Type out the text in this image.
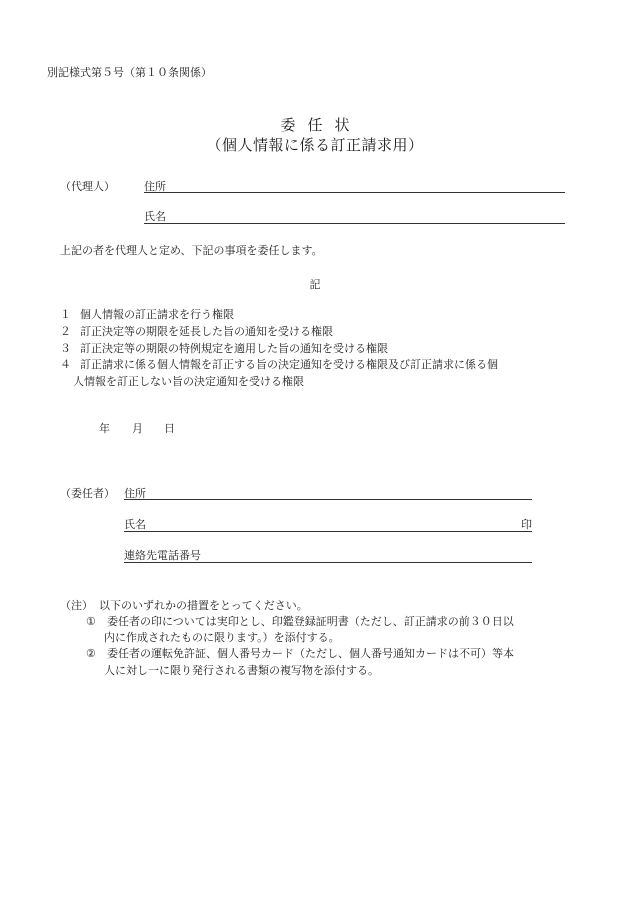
別記様式第５号（第１０条関係）
委任状
（個人情報に係る訂正請求用）
（代理人）	住所
氏名
上記の者を代理人と定め、下記の事項を委任します。
記
１ 個人情報の訂正請求を行う権限
２ 訂正決定等の期限を延長した旨の通知を受ける権限
３ 訂正決定等の期限の特例規定を適用した旨の通知を受ける権限
４ 訂正請求に係る個人情報を訂正する旨の決定通知を受ける権限及び訂正請求に係る個
人情報を訂正しない旨の決定通知を受ける権限
年 月 日
（委任者） 住所
氏名	印
連絡先電話番号
（注） 以下のいずれかの措置をとってください。
① 委任者の印については実印とし、印鑑登録証明書（ただし、訂正請求の前３０日以
内に作成されたものに限ります。）を添付する。
② 委任者の運転免許証、個人番号カード（ただし、個人番号通知カードは不可）等本
人に対し一に限り発行される書類の複写物を添付する。
